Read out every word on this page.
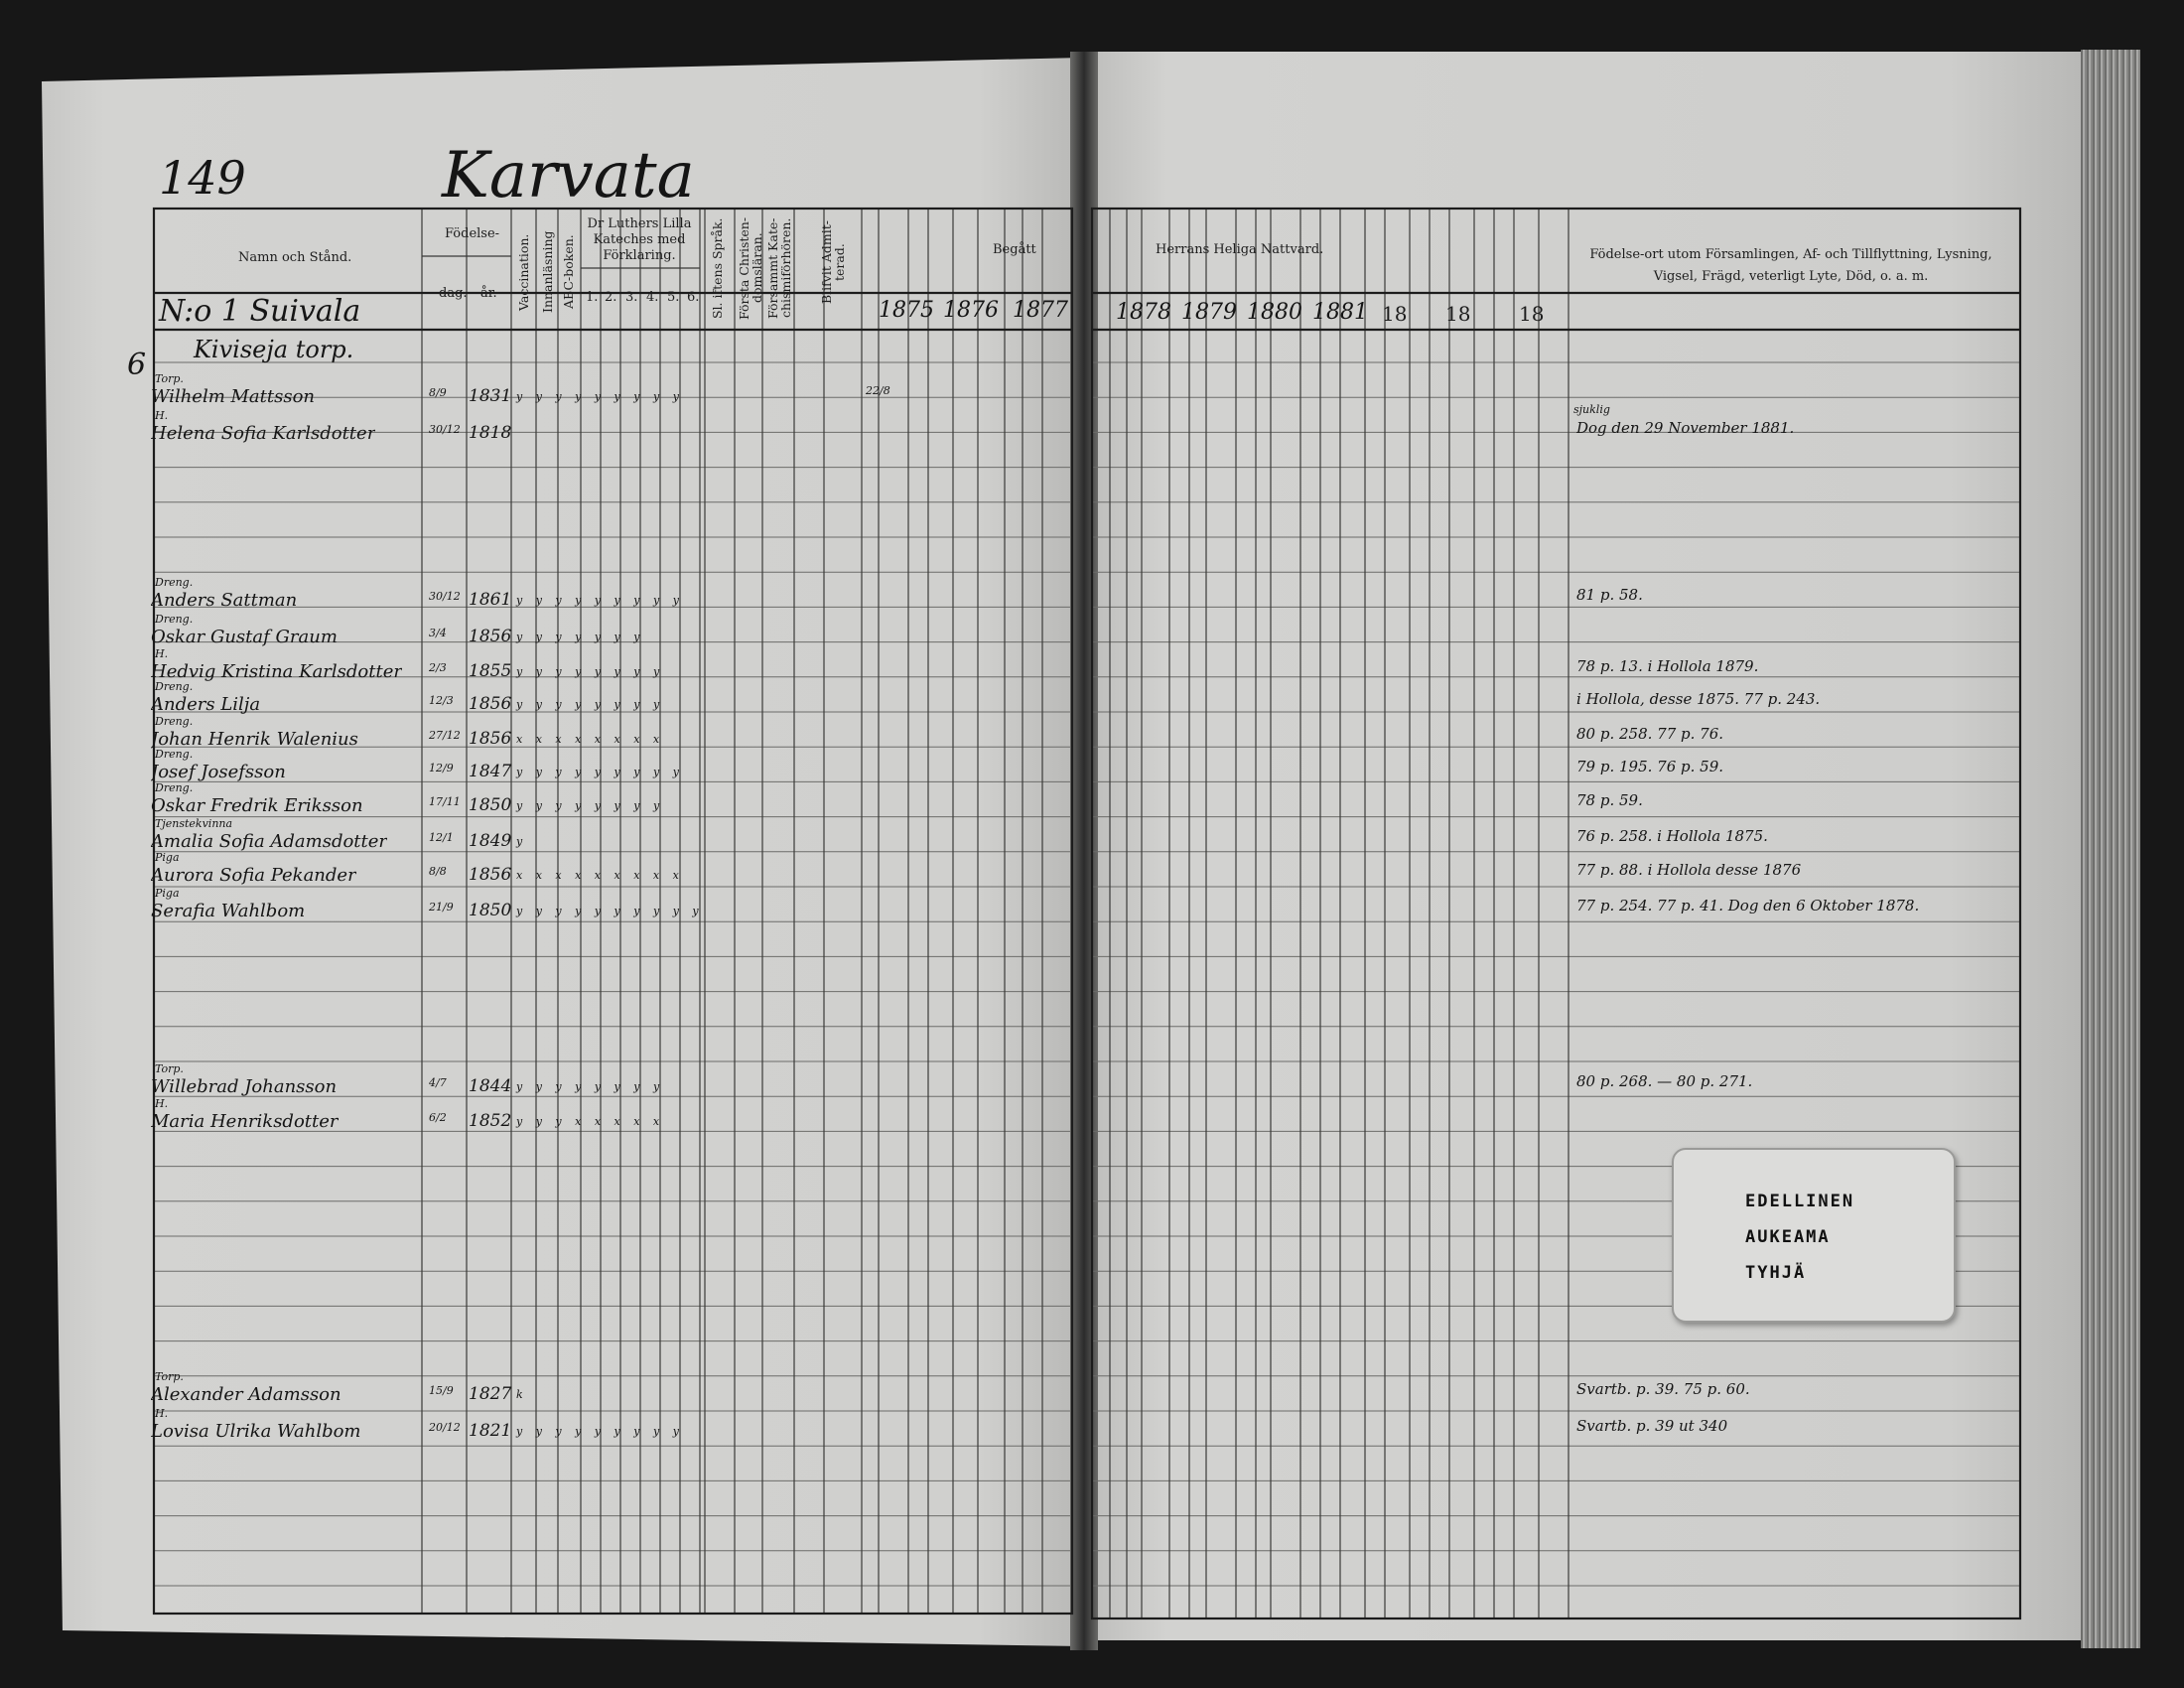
149	Karvata
Namn och Stånd.
Födelse-
dag. år. Vaccination. Innanläsning ABC-boken.
Dr Luthers Lilla Kateches med Förklaring.
1. 2. 3. 4. 5. 6. Sl. iftens Språk. Första Christen-domsläran. Försammt Kate-chismiförhören. Blifvit Admit-terad.	Begått
1875 1876 1877
Herrans Heliga Nattvard.
1878 1879 1880 1881 18 18 18
Födelse-ort utom Församlingen, Af- och Tillflyttning, Lysning, Vigsel, Frägd, veterligt Lyte, Död, o. a. m.
N:o 1 Suivala
6 Kiviseja torp.
Torp.
Wilhelm Mattsson	8/9 1831 y y y y y y y y y	22/8
H.
Helena Sofia Karlsdotter	30/12 1818	Dog den 29 November 1881.
sjuklig
Dreng.
Anders Sattman	30/12 1861 y y y y y y y y y	81 p. 58.
Dreng.
Oskar Gustaf Graum	3/4 1856 y y y y y y y
H.
Hedvig Kristina Karlsdotter 2/3 1855 y y y y y y y y	78 p. 13. i Hollola 1879.
Dreng.
Anders Lilja	12/3 1856 y y y y y y y y	i Hollola, desse 1875. 77 p. 243.
Dreng.
Johan Henrik Walenius	27/12 1856 x x x x x x x x	80 p. 258. 77 p. 76.
Dreng.
Josef Josefsson	12/9 1847 y y y y y y y y y	79 p. 195. 76 p. 59.
Dreng.
Oskar Fredrik Eriksson	17/11 1850 y y y y y y y y	78 p. 59.
Tjenstekvinna
Amalia Sofia Adamsdotter	12/1 1849 y	76 p. 258. i Hollola 1875.
Piga
Aurora Sofia Pekander	8/8 1856 x x x x x x x x x	77 p. 88. i Hollola desse 1876
Piga
Serafia Wahlbom	21/9 1850 y y y y y y y y y y	77 p. 254. 77 p. 41. Dog den 6 Oktober 1878.
Torp.
Willebrad Johansson	4/7 1844 y y y y y y y y	80 p. 268. — 80 p. 271.
H.
Maria Henriksdotter	6/2 1852 y y y x x x x x
Torp.
Alexander Adamsson	15/9 1827 k	Svartb. p. 39. 75 p. 60.
H.
Lovisa Ulrika Wahlbom	20/12 1821 y y y y y y y y y	Svartb. p. 39 ut 340
EDELLINEN
AUKEAMA
TYHJÄ
